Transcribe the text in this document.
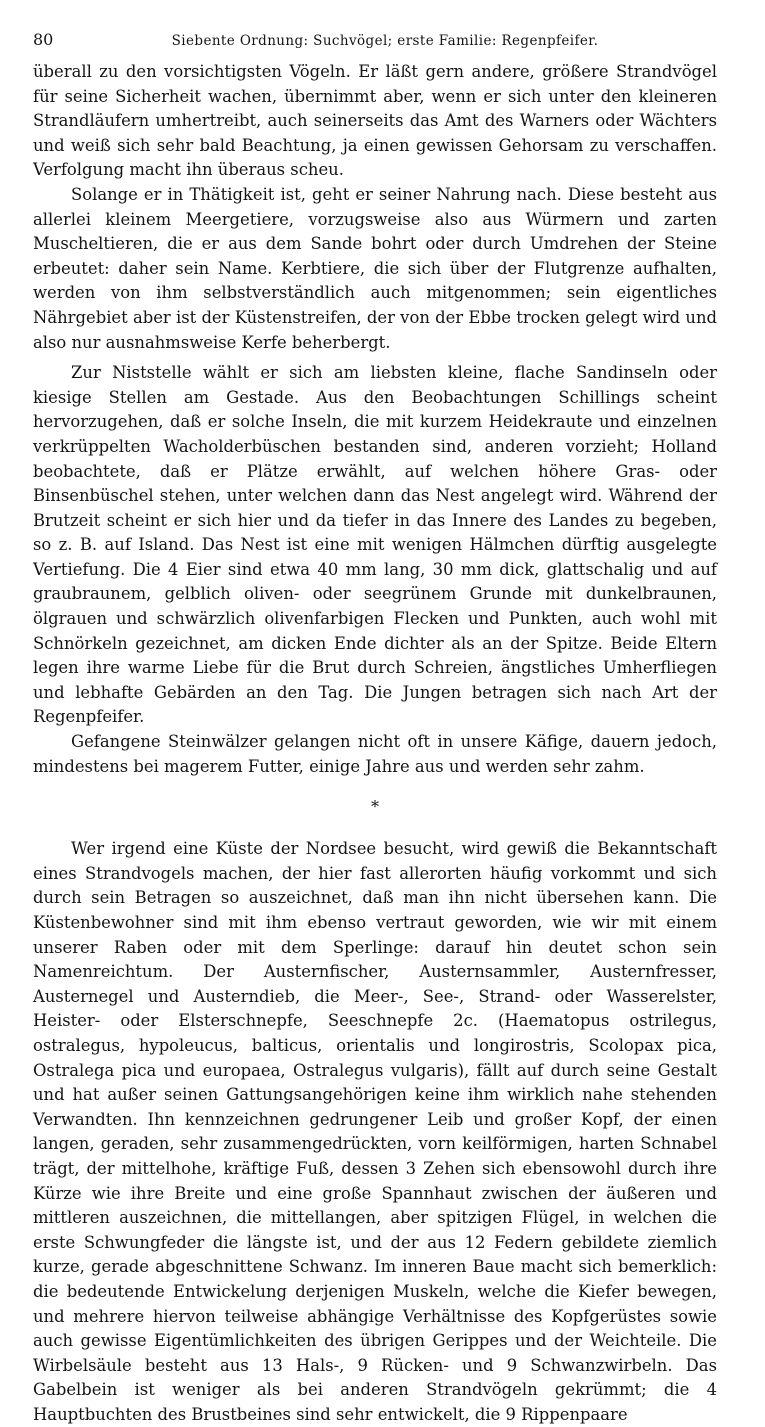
80	Siebente Ordnung: Suchvögel; erste Familie: Regenpfeifer.

überall zu den vorsichtigsten Vögeln. Er läßt gern andere, größere Strandvögel für seine Sicherheit wachen, übernimmt aber, wenn er sich unter den kleineren Strandläufern umhertreibt, auch seinerseits das Amt des Warners oder Wächters und weiß sich sehr bald Beachtung, ja einen gewissen Gehorsam zu verschaffen. Verfolgung macht ihn überaus scheu.

Solange er in Thätigkeit ist, geht er seiner Nahrung nach. Diese besteht aus allerlei kleinem Meergetiere, vorzugsweise also aus Würmern und zarten Muscheltieren, die er aus dem Sande bohrt oder durch Umdrehen der Steine erbeutet: daher sein Name. Kerbtiere, die sich über der Flutgrenze aufhalten, werden von ihm selbstverständlich auch mitgenommen; sein eigentliches Nährgebiet aber ist der Küstenstreifen, der von der Ebbe trocken gelegt wird und also nur ausnahmsweise Kerfe beherbergt.

Zur Niststelle wählt er sich am liebsten kleine, flache Sandinseln oder kiesige Stellen am Gestade. Aus den Beobachtungen Schillings scheint hervorzugehen, daß er solche Inseln, die mit kurzem Heidekraute und einzelnen verkrüppelten Wacholderbüschen bestanden sind, anderen vorzieht; Holland beobachtete, daß er Plätze erwählt, auf welchen höhere Gras- oder Binsenbüschel stehen, unter welchen dann das Nest angelegt wird. Während der Brutzeit scheint er sich hier und da tiefer in das Innere des Landes zu begeben, so z. B. auf Island. Das Nest ist eine mit wenigen Hälmchen dürftig ausgelegte Vertiefung. Die 4 Eier sind etwa 40 mm lang, 30 mm dick, glattschalig und auf graubraunem, gelblich oliven- oder seegrünem Grunde mit dunkelbraunen, ölgrauen und schwärzlich olivenfarbigen Flecken und Punkten, auch wohl mit Schnörkeln gezeichnet, am dicken Ende dichter als an der Spitze. Beide Eltern legen ihre warme Liebe für die Brut durch Schreien, ängstliches Umherfliegen und lebhafte Gebärden an den Tag. Die Jungen betragen sich nach Art der Regenpfeifer.

Gefangene Steinwälzer gelangen nicht oft in unsere Käfige, dauern jedoch, mindestens bei magerem Futter, einige Jahre aus und werden sehr zahm.

*

Wer irgend eine Küste der Nordsee besucht, wird gewiß die Bekanntschaft eines Strandvogels machen, der hier fast allerorten häufig vorkommt und sich durch sein Betragen so auszeichnet, daß man ihn nicht übersehen kann. Die Küstenbewohner sind mit ihm ebenso vertraut geworden, wie wir mit einem unserer Raben oder mit dem Sperlinge: darauf hin deutet schon sein Namenreichtum. Der Austernfischer, Austernsammler, Austernfresser, Austernegel und Austerndieb, die Meer-, See-, Strand- oder Wasserelster, Heister- oder Elsterschnepfe, Seeschnepfe 2c. (Haematopus ostrilegus, ostralegus, hypoleucus, balticus, orientalis und longirostris, Scolopax pica, Ostralega pica und europaea, Ostralegus vulgaris), fällt auf durch seine Gestalt und hat außer seinen Gattungsangehörigen keine ihm wirklich nahe stehenden Verwandten. Ihn kennzeichnen gedrungener Leib und großer Kopf, der einen langen, geraden, sehr zusammengedrückten, vorn keilförmigen, harten Schnabel trägt, der mittelhohe, kräftige Fuß, dessen 3 Zehen sich ebensowohl durch ihre Kürze wie ihre Breite und eine große Spannhaut zwischen der äußeren und mittleren auszeichnen, die mittellangen, aber spitzigen Flügel, in welchen die erste Schwungfeder die längste ist, und der aus 12 Federn gebildete ziemlich kurze, gerade abgeschnittene Schwanz. Im inneren Baue macht sich bemerklich: die bedeutende Entwickelung derjenigen Muskeln, welche die Kiefer bewegen, und mehrere hiervon teilweise abhängige Verhältnisse des Kopfgerüstes sowie auch gewisse Eigentümlichkeiten des übrigen Gerippes und der Weichteile. Die Wirbelsäule besteht aus 13 Hals-, 9 Rücken- und 9 Schwanzwirbeln. Das Gabelbein ist weniger als bei anderen Strandvögeln gekrümmt; die 4 Hauptbuchten des Brustbeines sind sehr entwickelt, die 9 Rippenpaare
